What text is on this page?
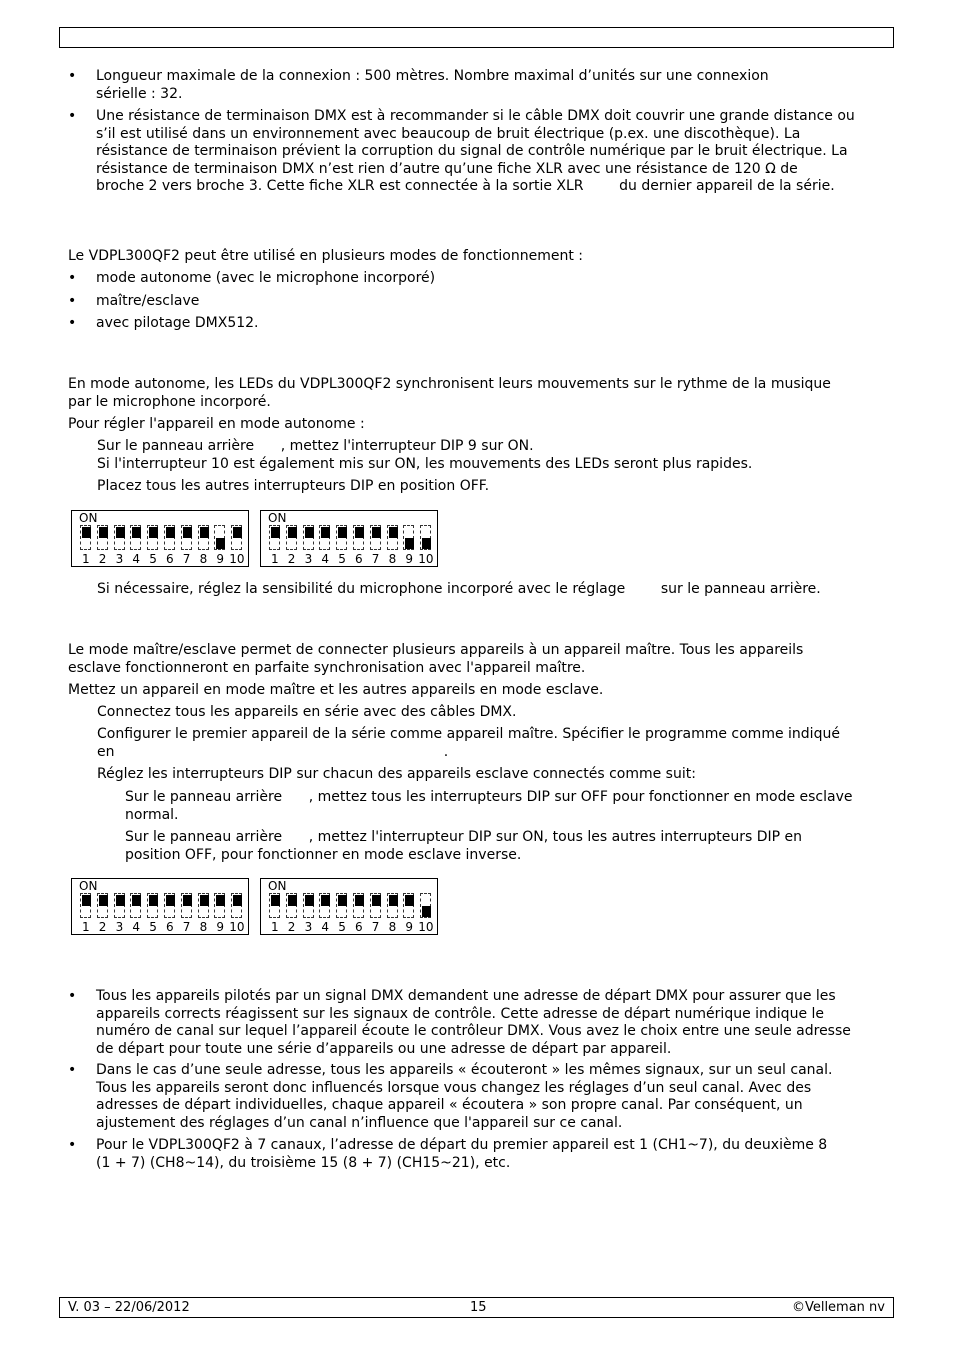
• Longueur maximale de la connexion : 500 mètres. Nombre maximal d’unités sur une connexion
sérielle : 32.
• Une résistance de terminaison DMX est à recommander si le câble DMX doit couvrir une grande distance ou
s’il est utilisé dans un environnement avec beaucoup de bruit électrique (p.ex. une discothèque). La
résistance de terminaison prévient la corruption du signal de contrôle numérique par le bruit électrique. La
résistance de terminaison DMX n’est rien d’autre qu’une fiche XLR avec une résistance de 120 Ω de
broche 2 vers broche 3. Cette fiche XLR est connectée à la sortie XLR        du dernier appareil de la série.
Le VDPL300QF2 peut être utilisé en plusieurs modes de fonctionnement :
• mode autonome (avec le microphone incorporé)
• maître/esclave
• avec pilotage DMX512.
En mode autonome, les LEDs du VDPL300QF2 synchronisent leurs mouvements sur le rythme de la musique
par le microphone incorporé.
Pour régler l'appareil en mode autonome :
Sur le panneau arrière      , mettez l'interrupteur DIP 9 sur ON.
Si l'interrupteur 10 est également mis sur ON, les mouvements des LEDs seront plus rapides.
Placez tous les autres interrupteurs DIP en position OFF.
ON
1 2 3 4 5 6 7 8 9 10
ON
1 2 3 4 5 6 7 8 9 10
Si nécessaire, réglez la sensibilité du microphone incorporé avec le réglage        sur le panneau arrière.
Le mode maître/esclave permet de connecter plusieurs appareils à un appareil maître. Tous les appareils
esclave fonctionneront en parfaite synchronisation avec l'appareil maître.
Mettez un appareil en mode maître et les autres appareils en mode esclave.
Connectez tous les appareils en série avec des câbles DMX.
Configurer le premier appareil de la série comme appareil maître. Spécifier le programme comme indiqué
en                                                                          .
Réglez les interrupteurs DIP sur chacun des appareils esclave connectés comme suit:
Sur le panneau arrière      , mettez tous les interrupteurs DIP sur OFF pour fonctionner en mode esclave
normal.
Sur le panneau arrière      , mettez l'interrupteur DIP sur ON, tous les autres interrupteurs DIP en
position OFF, pour fonctionner en mode esclave inverse.
ON
1 2 3 4 5 6 7 8 9 10
ON
1 2 3 4 5 6 7 8 9 10
• Tous les appareils pilotés par un signal DMX demandent une adresse de départ DMX pour assurer que les
appareils corrects réagissent sur les signaux de contrôle. Cette adresse de départ numérique indique le
numéro de canal sur lequel l’appareil écoute le contrôleur DMX. Vous avez le choix entre une seule adresse
de départ pour toute une série d’appareils ou une adresse de départ par appareil.
• Dans le cas d’une seule adresse, tous les appareils « écouteront » les mêmes signaux, sur un seul canal.
Tous les appareils seront donc influencés lorsque vous changez les réglages d’un seul canal. Avec des
adresses de départ individuelles, chaque appareil « écoutera » son propre canal. Par conséquent, un
ajustement des réglages d’un canal n’influence que l'appareil sur ce canal.
• Pour le VDPL300QF2 à 7 canaux, l’adresse de départ du premier appareil est 1 (CH1~7), du deuxième 8
(1 + 7) (CH8~14), du troisième 15 (8 + 7) (CH15~21), etc.
V. 03 – 22/06/2012	15	©Velleman nv
